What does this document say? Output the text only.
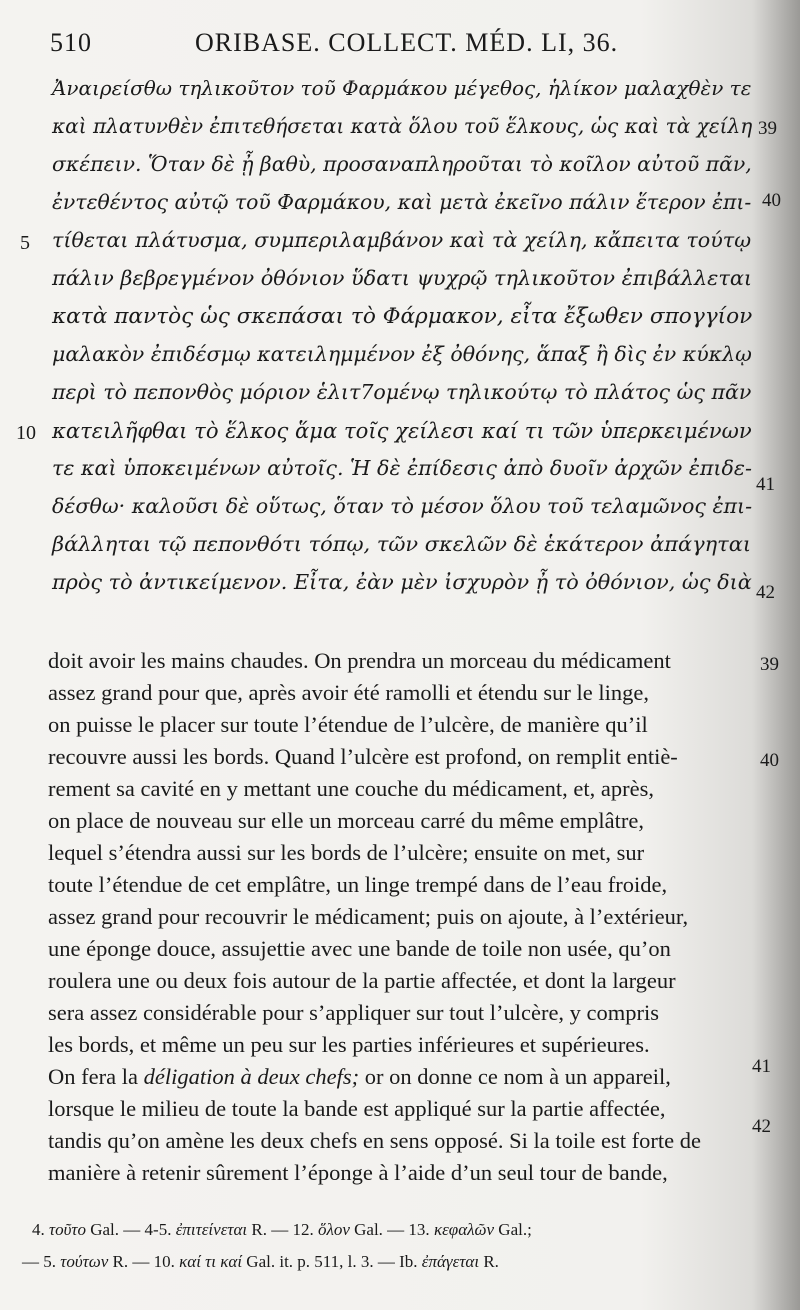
510	ORIBASE. COLLECT. MÉD. LI, 36.
Ἀναιρείσθω τηλικοῦτον τοῦ Φαρμάκου μέγεθος, ἡλίκον μαλαχθὲν τε
καὶ πλατυνθὲν ἐπιτεθήσεται κατὰ ὅλου τοῦ ἕλκους, ὡς καὶ τὰ χείλη
σκέπειν. Ὅταν δὲ ᾖ βαθὺ, προσαναπληροῦται τὸ κοῖλον αὐτοῦ πᾶν,
ἐντεθέντος αὐτῷ τοῦ Φαρμάκου, καὶ μετὰ ἐκεῖνο πάλιν ἕτερον ἐπι-
τίθεται πλάτυσμα, συμπεριλαμβάνον καὶ τὰ χείλη, κἄπειτα τούτῳ
πάλιν βεβρεγμένον ὀθόνιον ὕδατι ψυχρῷ τηλικοῦτον ἐπιβάλλεται
κατὰ παντὸς ὡς σκεπάσαι τὸ Φάρμακον, εἶτα ἔξωθεν σπογγίον
μαλακὸν ἐπιδέσμῳ κατειλημμένον ἐξ ὀθόνης, ἅπαξ ἢ δὶς ἐν κύκλῳ
περὶ τὸ πεπονθὸς μόριον ἑλιτ7ομένῳ τηλικούτῳ τὸ πλάτος ὡς πᾶν
κατειλῆφθαι τὸ ἕλκος ἅμα τοῖς χείλεσι καί τι τῶν ὑπερκειμένων
τε καὶ ὑποκειμένων αὐτοῖς. Ἡ δὲ ἐπίδεσις ἀπὸ δυοῖν ἀρχῶν ἐπιδε-
δέσθω· καλοῦσι δὲ οὕτως, ὅταν τὸ μέσον ὅλου τοῦ τελαμῶνος ἐπι-
βάλληται τῷ πεπονθότι τόπῳ, τῶν σκελῶν δὲ ἑκάτερον ἀπάγηται
πρὸς τὸ ἀντικείμενον. Εἶτα, ἐὰν μὲν ἰσχυρὸν ᾖ τὸ ὀθόνιον, ὡς διὰ
5
10
39
40
41
42
doit avoir les mains chaudes. On prendra un morceau du médicament
assez grand pour que, après avoir été ramolli et étendu sur le linge,
on puisse le placer sur toute l’étendue de l’ulcère, de manière qu’il
recouvre aussi les bords. Quand l’ulcère est profond, on remplit entiè-
rement sa cavité en y mettant une couche du médicament, et, après,
on place de nouveau sur elle un morceau carré du même emplâtre,
lequel s’étendra aussi sur les bords de l’ulcère; ensuite on met, sur
toute l’étendue de cet emplâtre, un linge trempé dans de l’eau froide,
assez grand pour recouvrir le médicament; puis on ajoute, à l’extérieur,
une éponge douce, assujettie avec une bande de toile non usée, qu’on
roulera une ou deux fois autour de la partie affectée, et dont la largeur
sera assez considérable pour s’appliquer sur tout l’ulcère, y compris
les bords, et même un peu sur les parties inférieures et supérieures.
On fera la déligation à deux chefs; or on donne ce nom à un appareil,
lorsque le milieu de toute la bande est appliqué sur la partie affectée,
tandis qu’on amène les deux chefs en sens opposé. Si la toile est forte de
manière à retenir sûrement l’éponge à l’aide d’un seul tour de bande,
39
40
41
42
4. τοῦτο Gal. — 4-5. ἐπιτείνεται R. — 12. ὅλον Gal. — 13. κεφαλῶν Gal.;
— 5. τούτων R. — 10. καί τι καί Gal. it. p. 511, l. 3. — Ib. ἐπάγεται R.
